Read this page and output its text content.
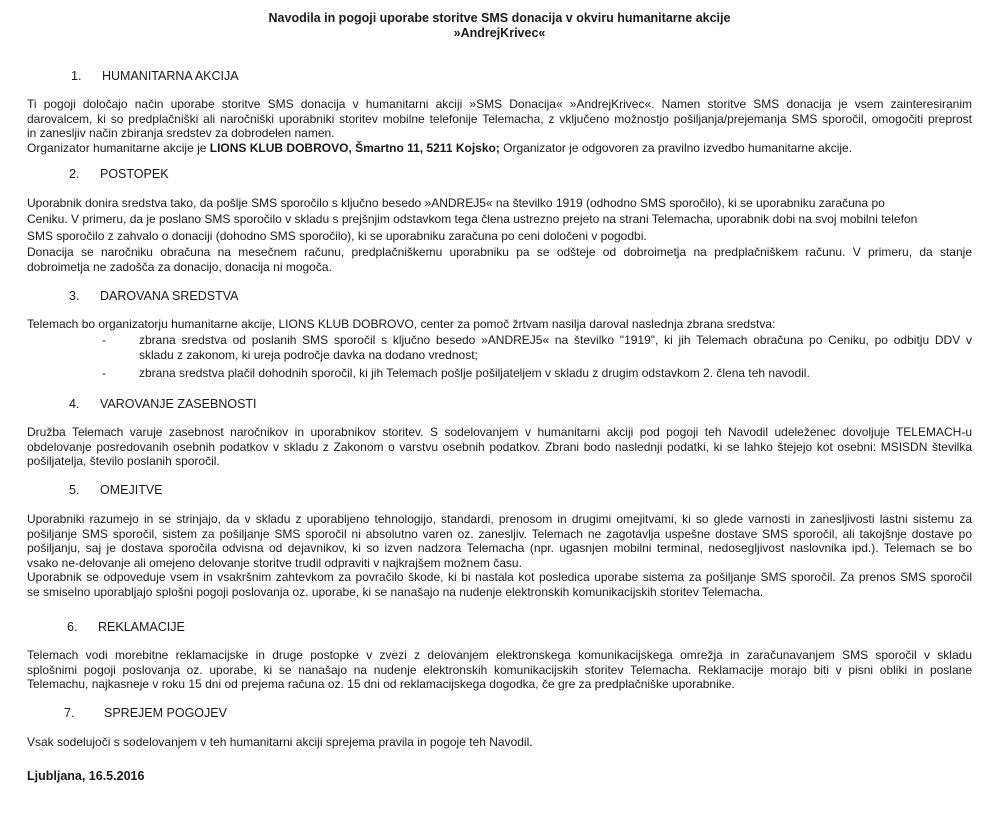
Navodila in pogoji uporabe storitve SMS donacija v okviru humanitarne akcije
»AndrejKrivec«
1. HUMANITARNA AKCIJA
Ti pogoji določajo način uporabe storitve SMS donacija v humanitarni akciji »SMS Donacija« »AndrejKrivec«. Namen storitve SMS donacija je vsem zainteresiranim
darovalcem, ki so predplačniški ali naročniški uporabniki storitev mobilne telefonije Telemacha, z vključeno možnostjo pošiljanja/prejemanja SMS sporočil, omogočiti preprost
in zanesljiv način zbiranja sredstev za dobrodelen namen.
Organizator humanitarne akcije je LIONS KLUB DOBROVO, Šmartno 11, 5211 Kojsko; Organizator je odgovoren za pravilno izvedbo humanitarne akcije.
2. POSTOPEK
Uporabnik donira sredstva tako, da pošlje SMS sporočilo s ključno besedo »ANDREJ5« na številko 1919 (odhodno SMS sporočilo), ki se uporabniku zaračuna po
Ceniku. V primeru, da je poslano SMS sporočilo v skladu s prejšnjim odstavkom tega člena ustrezno prejeto na strani Telemacha, uporabnik dobi na svoj mobilni telefon
SMS sporočilo z zahvalo o donaciji (dohodno SMS sporočilo), ki se uporabniku zaračuna po ceni določeni v pogodbi.
Donacija se naročniku obračuna na mesečnem računu, predplačniškemu uporabniku pa se odšteje od dobroimetja na predplačniškem računu. V primeru, da stanje
dobroimetja ne zadošča za donacijo, donacija ni mogoča.
3. DAROVANA SREDSTVA
Telemach bo organizatorju humanitarne akcije, LIONS KLUB DOBROVO, center za pomoč žrtvam nasilja daroval naslednja zbrana sredstva:
-	zbrana sredstva od poslanih SMS sporočil s ključno besedo »ANDREJ5« na številko "1919", ki jih Telemach obračuna po Ceniku, po odbitju DDV v
skladu z zakonom, ki ureja področje davka na dodano vrednost;
-	zbrana sredstva plačil dohodnih sporočil, ki jih Telemach pošlje pošiljateljem v skladu z drugim odstavkom 2. člena teh navodil.
4. VAROVANJE ZASEBNOSTI
Družba Telemach varuje zasebnost naročnikov in uporabnikov storitev. S sodelovanjem v humanitarni akciji pod pogoji teh Navodil udeleženec dovoljuje TELEMACH-u
obdelovanje posredovanih osebnih podatkov v skladu z Zakonom o varstvu osebnih podatkov. Zbrani bodo naslednji podatki, ki se lahko štejejo kot osebni: MSISDN številka
pošiljatelja, število poslanih sporočil.
5. OMEJITVE
Uporabniki razumejo in se strinjajo, da v skladu z uporabljeno tehnologijo, standardi, prenosom in drugimi omejitvami, ki so glede varnosti in zanesljivosti lastni sistemu za
pošiljanje SMS sporočil, sistem za pošiljanje SMS sporočil ni absolutno varen oz. zanesljiv. Telemach ne zagotavlja uspešne dostave SMS sporočil, ali takojšnje dostave po
pošiljanju, saj je dostava sporočila odvisna od dejavnikov, ki so izven nadzora Telemacha (npr. ugasnjen mobilni terminal, nedosegljivost naslovnika ipd.). Telemach se bo
vsako ne-delovanje ali omejeno delovanje storitve trudil odpraviti v najkrajšem možnem času.
Uporabnik se odpoveduje vsem in vsakršnim zahtevkom za povračilo škode, ki bi nastala kot posledica uporabe sistema za pošiljanje SMS sporočil. Za prenos SMS sporočil
se smiselno uporabljajo splošni pogoji poslovanja oz. uporabe, ki se nanašajo na nudenje elektronskih komunikacijskih storitev Telemacha.
6. REKLAMACIJE
Telemach vodi morebitne reklamacijske in druge postopke v zvezi z delovanjem elektronskega komunikacijskega omrežja in zaračunavanjem SMS sporočil v skladu
splošnimi pogoji poslovanja oz. uporabe, ki se nanašajo na nudenje elektronskih komunikacijskih storitev Telemacha. Reklamacije morajo biti v pisni obliki in poslane
Telemachu, najkasneje v roku 15 dni od prejema računa oz. 15 dni od reklamacijskega dogodka, če gre za predplačniške uporabnike.
7. SPREJEM POGOJEV
Vsak sodelujoči s sodelovanjem v teh humanitarni akciji sprejema pravila in pogoje teh Navodil.
Ljubljana, 16.5.2016
